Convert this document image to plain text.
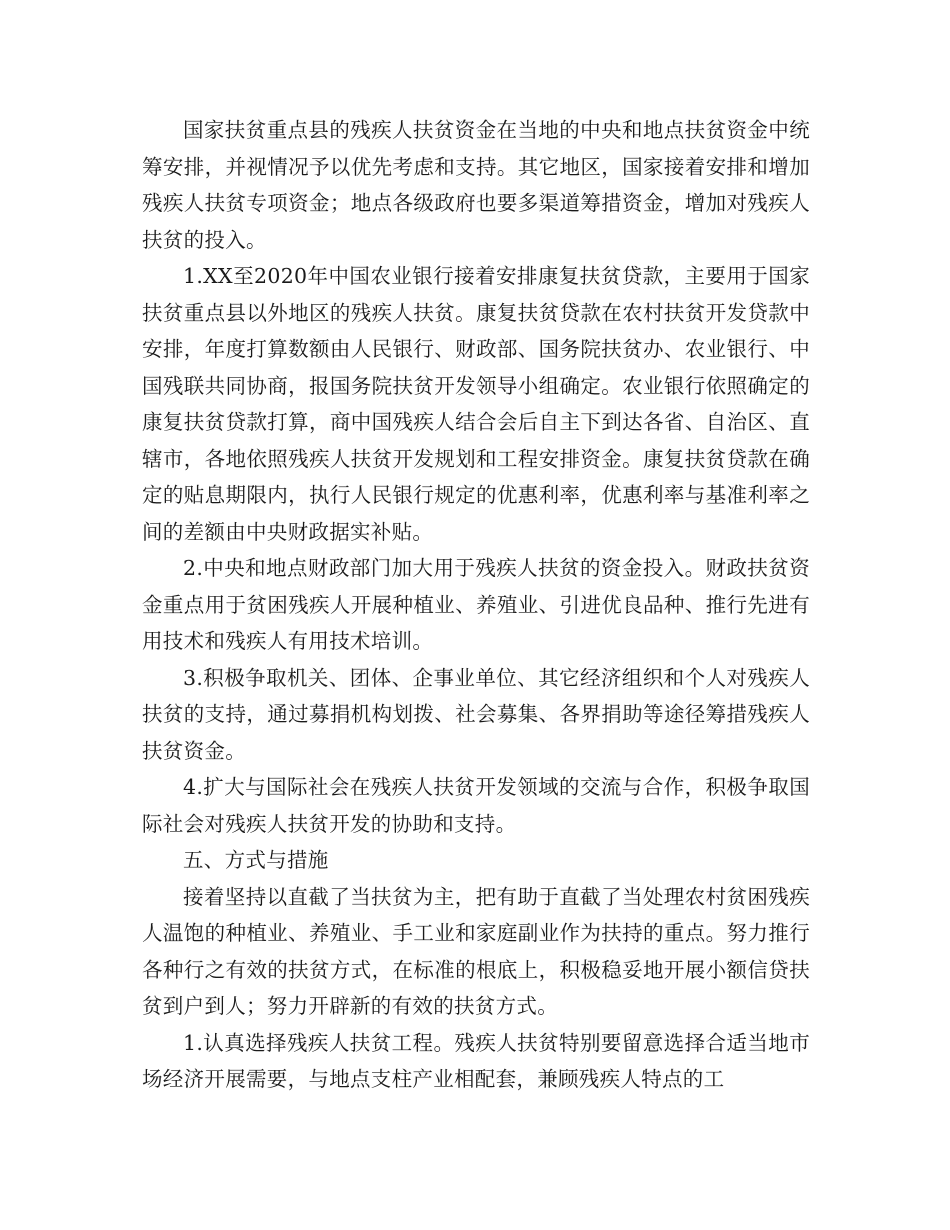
国家扶贫重点县的残疾人扶贫资金在当地的中央和地点扶贫资金中统筹安排，并视情况予以优先考虑和支持。其它地区，国家接着安排和增加残疾人扶贫专项资金；地点各级政府也要多渠道筹措资金，增加对残疾人扶贫的投入。

1.XX至2020年中国农业银行接着安排康复扶贫贷款，主要用于国家扶贫重点县以外地区的残疾人扶贫。康复扶贫贷款在农村扶贫开发贷款中安排，年度打算数额由人民银行、财政部、国务院扶贫办、农业银行、中国残联共同协商，报国务院扶贫开发领导小组确定。农业银行依照确定的康复扶贫贷款打算，商中国残疾人结合会后自主下到达各省、自治区、直辖市，各地依照残疾人扶贫开发规划和工程安排资金。康复扶贫贷款在确定的贴息期限内，执行人民银行规定的优惠利率，优惠利率与基准利率之间的差额由中央财政据实补贴。

2.中央和地点财政部门加大用于残疾人扶贫的资金投入。财政扶贫资金重点用于贫困残疾人开展种植业、养殖业、引进优良品种、推行先进有用技术和残疾人有用技术培训。

3.积极争取机关、团体、企事业单位、其它经济组织和个人对残疾人扶贫的支持，通过募捐机构划拨、社会募集、各界捐助等途径筹措残疾人扶贫资金。

4.扩大与国际社会在残疾人扶贫开发领域的交流与合作，积极争取国际社会对残疾人扶贫开发的协助和支持。

五、方式与措施

接着坚持以直截了当扶贫为主，把有助于直截了当处理农村贫困残疾人温饱的种植业、养殖业、手工业和家庭副业作为扶持的重点。努力推行各种行之有效的扶贫方式，在标准的根底上，积极稳妥地开展小额信贷扶贫到户到人；努力开辟新的有效的扶贫方式。

1.认真选择残疾人扶贫工程。残疾人扶贫特别要留意选择合适当地市场经济开展需要，与地点支柱产业相配套，兼顾残疾人特点的工
